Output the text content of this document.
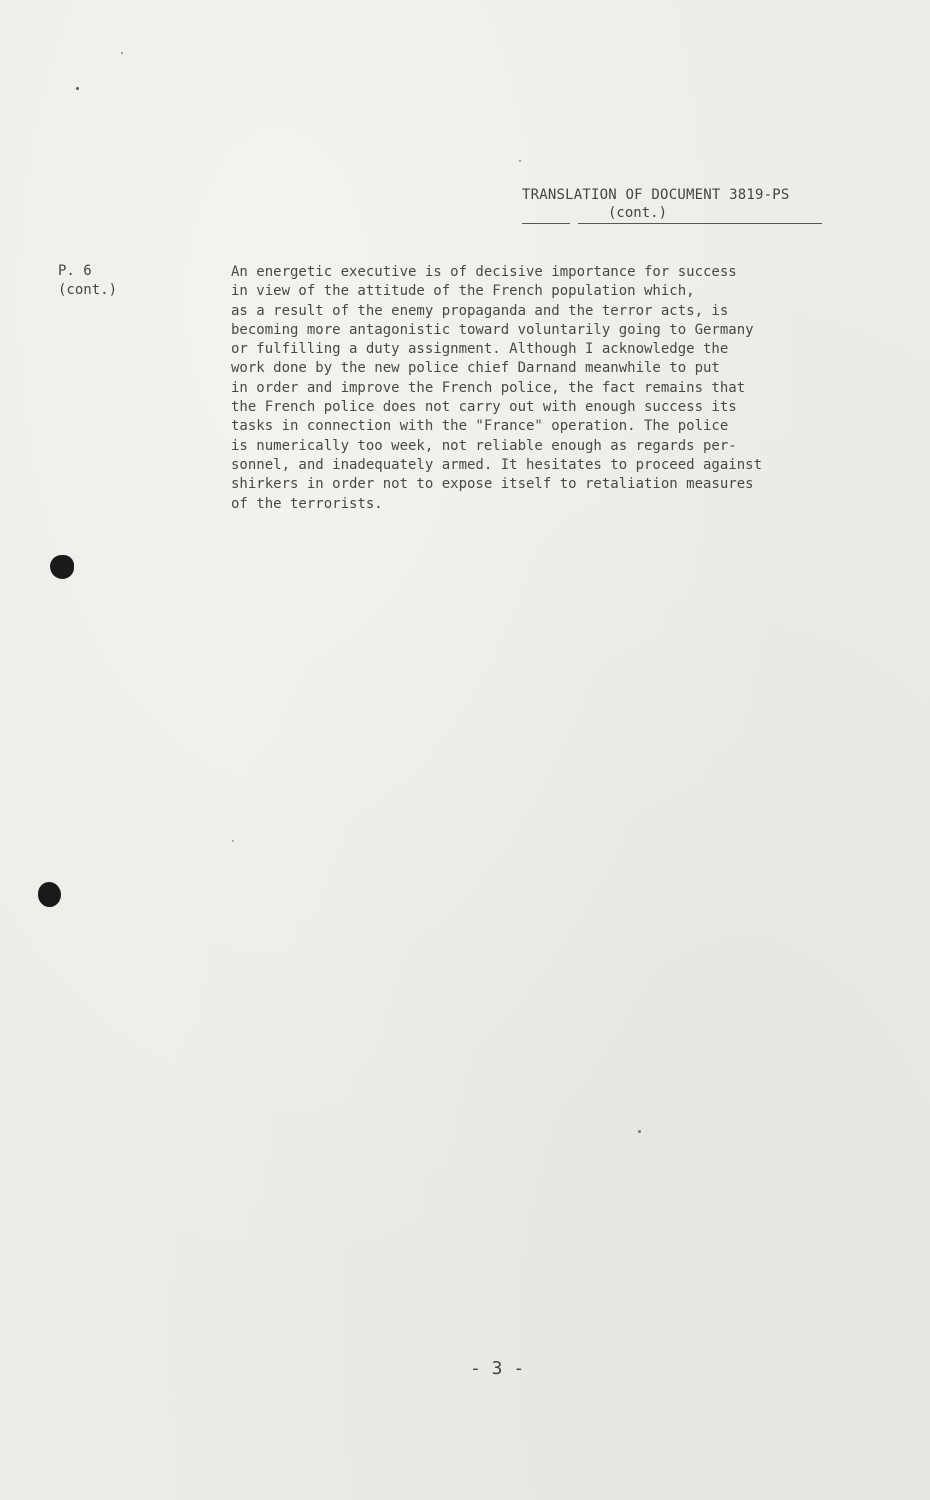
TRANSLATION OF DOCUMENT 3819-PS
(cont.)
P. 6
(cont.)
An energetic executive is of decisive importance for success
in view of the attitude of the French population which,
as a result of the enemy propaganda and the terror acts, is
becoming more antagonistic toward voluntarily going to Germany
or fulfilling a duty assignment. Although I acknowledge the
work done by the new police chief Darnand meanwhile to put
in order and improve the French police, the fact remains that
the French police does not carry out with enough success its
tasks in connection with the "France" operation. The police
is numerically too week, not reliable enough as regards per-
sonnel, and inadequately armed. It hesitates to proceed against
shirkers in order not to expose itself to retaliation measures
of the terrorists.
- 3 -
